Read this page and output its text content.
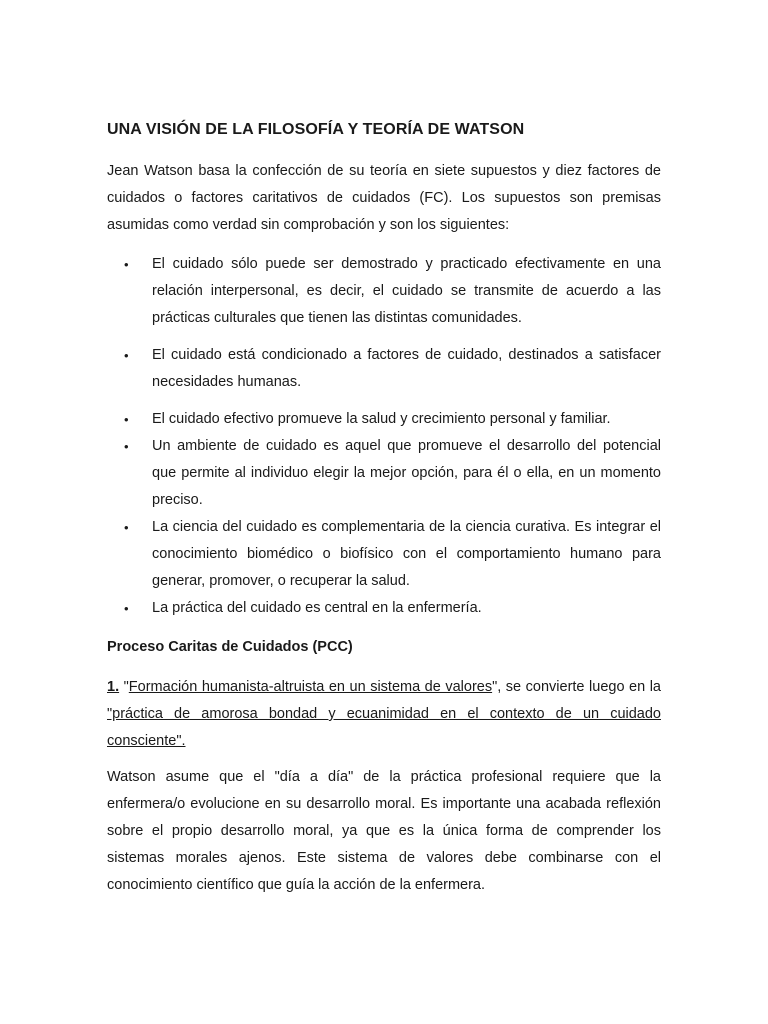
UNA VISIÓN DE LA FILOSOFÍA Y TEORÍA DE WATSON

Jean Watson basa la confección de su teoría en siete supuestos y diez factores de cuidados o factores caritativos de cuidados (FC). Los supuestos son premisas asumidas como verdad sin comprobación y son los siguientes:

• El cuidado sólo puede ser demostrado y practicado efectivamente en una relación interpersonal, es decir, el cuidado se transmite de acuerdo a las prácticas culturales que tienen las distintas comunidades.
• El cuidado está condicionado a factores de cuidado, destinados a satisfacer necesidades humanas.
• El cuidado efectivo promueve la salud y crecimiento personal y familiar.
• Un ambiente de cuidado es aquel que promueve el desarrollo del potencial que permite al individuo elegir la mejor opción, para él o ella, en un momento preciso.
• La ciencia del cuidado es complementaria de la ciencia curativa. Es integrar el conocimiento biomédico o biofísico con el comportamiento humano para generar, promover, o recuperar la salud.
• La práctica del cuidado es central en la enfermería.
Proceso Caritas de Cuidados (PCC)

1. "Formación humanista-altruista en un sistema de valores", se convierte luego en la "práctica de amorosa bondad y ecuanimidad en el contexto de un cuidado consciente".

Watson asume que el "día a día" de la práctica profesional requiere que la enfermera/o evolucione en su desarrollo moral. Es importante una acabada reflexión sobre el propio desarrollo moral, ya que es la única forma de comprender los sistemas morales ajenos. Este sistema de valores debe combinarse con el conocimiento científico que guía la acción de la enfermera.
